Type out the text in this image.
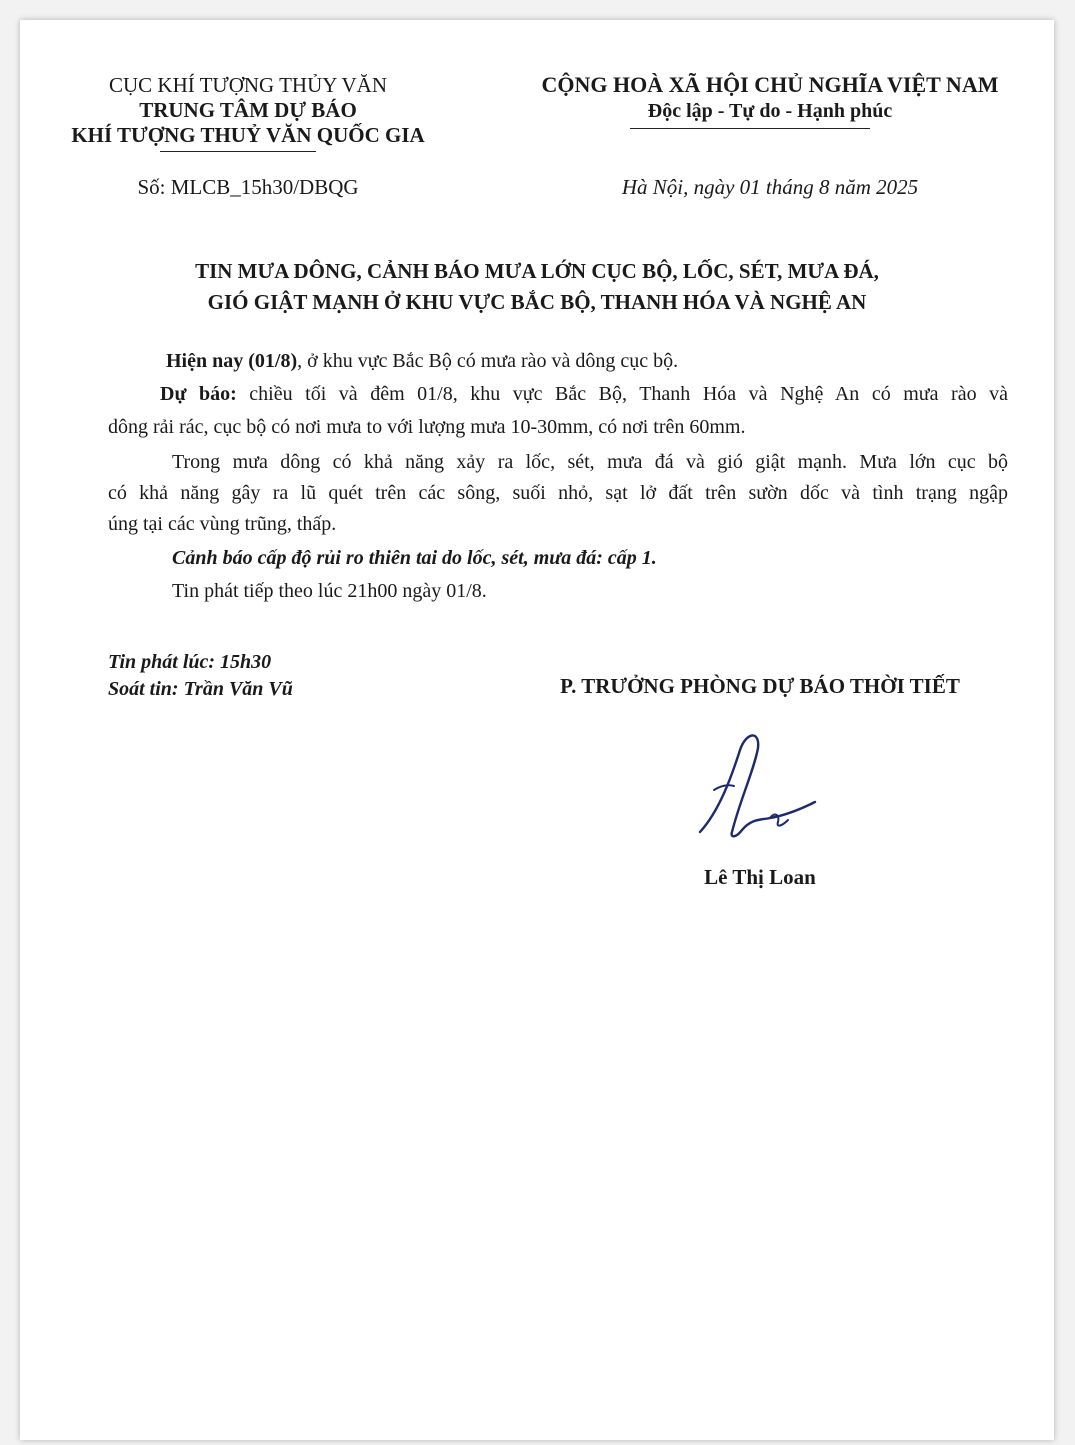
CỤC KHÍ TƯỢNG THỦY VĂN
TRUNG TÂM DỰ BÁO
KHÍ TƯỢNG THUỶ VĂN QUỐC GIA
Số: MLCB_15h30/DBQG
CỘNG HOÀ XÃ HỘI CHỦ NGHĨA VIỆT NAM
Độc lập - Tự do - Hạnh phúc
Hà Nội, ngày 01 tháng 8 năm 2025
TIN MƯA DÔNG, CẢNH BÁO MƯA LỚN CỤC BỘ, LỐC, SÉT, MƯA ĐÁ,
GIÓ GIẬT MẠNH Ở KHU VỰC BẮC BỘ, THANH HÓA VÀ NGHỆ AN
Hiện nay (01/8), ở khu vực Bắc Bộ có mưa rào và dông cục bộ.
Dự báo: chiều tối và đêm 01/8, khu vực Bắc Bộ, Thanh Hóa và Nghệ An có mưa rào và
dông rải rác, cục bộ có nơi mưa to với lượng mưa 10-30mm, có nơi trên 60mm.
Trong mưa dông có khả năng xảy ra lốc, sét, mưa đá và gió giật mạnh. Mưa lớn cục bộ
có khả năng gây ra lũ quét trên các sông, suối nhỏ, sạt lở đất trên sườn dốc và tình trạng ngập
úng tại các vùng trũng, thấp.
Cảnh báo cấp độ rủi ro thiên tai do lốc, sét, mưa đá: cấp 1.
Tin phát tiếp theo lúc 21h00 ngày 01/8.
Tin phát lúc: 15h30
Soát tin: Trần Văn Vũ	P. TRƯỞNG PHÒNG DỰ BÁO THỜI TIẾT
Lê Thị Loan
